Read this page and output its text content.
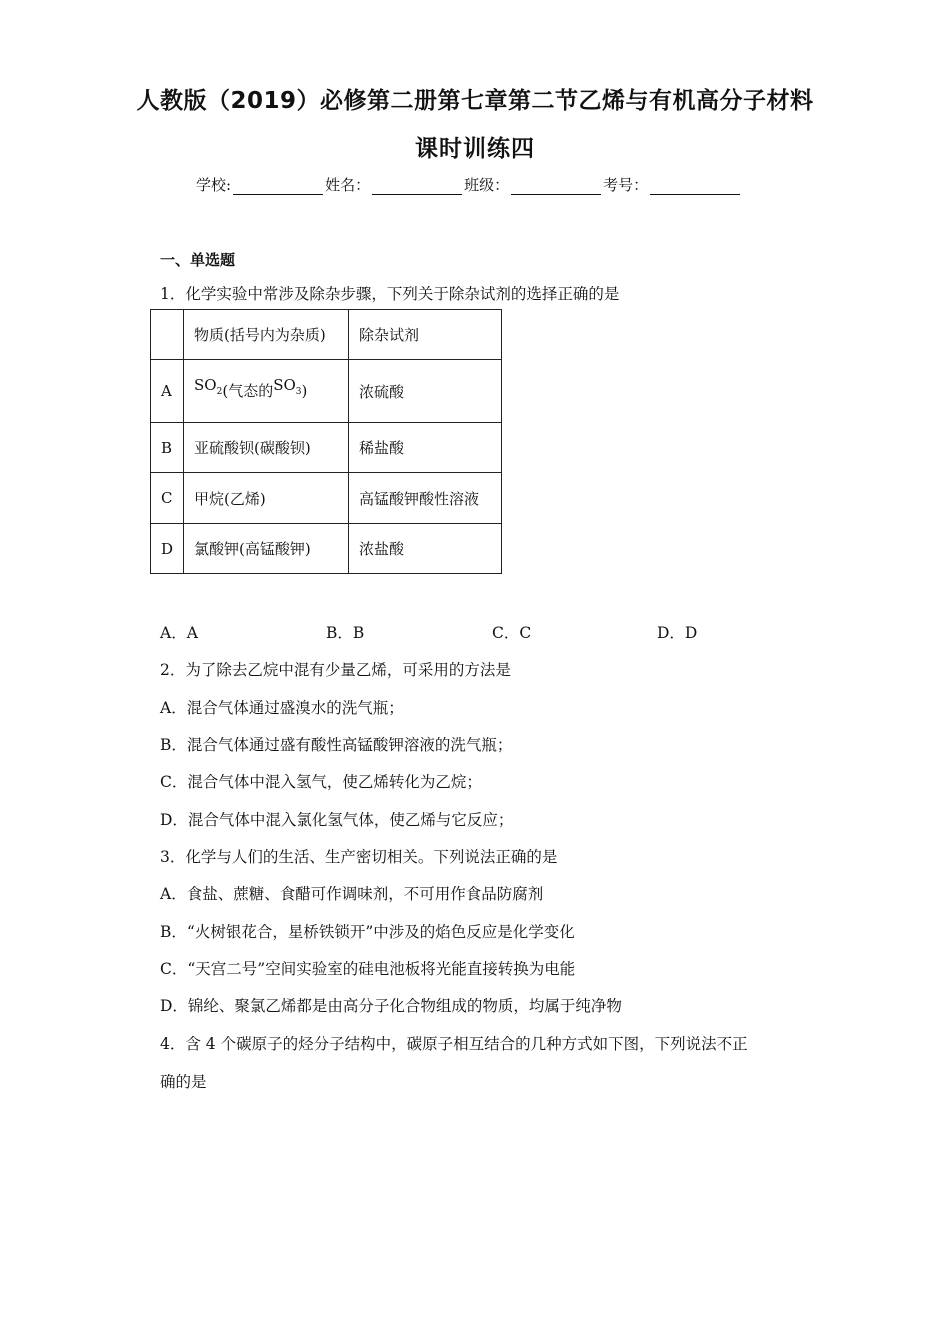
人教版（2019）必修第二册第七章第二节乙烯与有机高分子材料
课时训练四
学校:	姓名：	班级：	考号：
一、单选题
1．化学实验中常涉及除杂步骤，下列关于除杂试剂的选择正确的是
	物质(括号内为杂质)	除杂试剂
A	$SO_2$(气态的$SO_3$)	浓硫酸
B	亚硫酸钡(碳酸钡)	稀盐酸
C	甲烷(乙烯)	高锰酸钾酸性溶液
D	氯酸钾(高锰酸钾)	浓盐酸
A．A	B．B	C．C	D．D
2．为了除去乙烷中混有少量乙烯，可采用的方法是
A．混合气体通过盛溴水的洗气瓶；
B．混合气体通过盛有酸性高锰酸钾溶液的洗气瓶；
C．混合气体中混入氢气，使乙烯转化为乙烷；
D．混合气体中混入氯化氢气体，使乙烯与它反应；
3．化学与人们的生活、生产密切相关。下列说法正确的是
A．食盐、蔗糖、食醋可作调味剂，不可用作食品防腐剂
B．“火树银花合，星桥铁锁开”中涉及的焰色反应是化学变化
C．“天宫二号”空间实验室的硅电池板将光能直接转换为电能
D．锦纶、聚氯乙烯都是由高分子化合物组成的物质，均属于纯净物
4．含 4 个碳原子的烃分子结构中，碳原子相互结合的几种方式如下图，下列说法不正
确的是
